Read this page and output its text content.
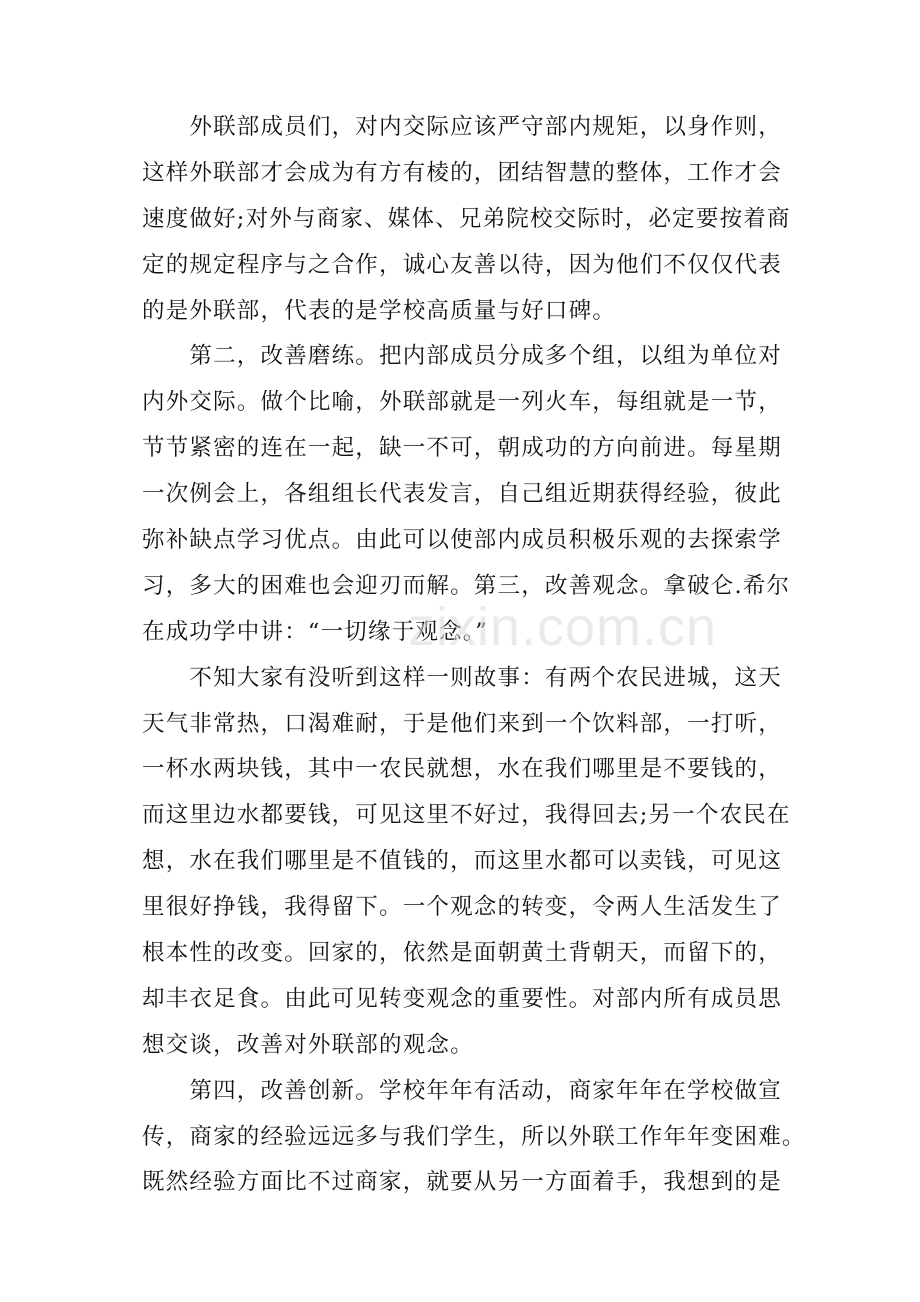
　　外联部成员们，对内交际应该严守部内规矩，以身作则，
这样外联部才会成为有方有棱的，团结智慧的整体，工作才会
速度做好;对外与商家、媒体、兄弟院校交际时，必定要按着商
定的规定程序与之合作，诚心友善以待，因为他们不仅仅代表
的是外联部，代表的是学校高质量与好口碑。
　　第二，改善磨练。把内部成员分成多个组，以组为单位对
内外交际。做个比喻，外联部就是一列火车，每组就是一节，
节节紧密的连在一起，缺一不可，朝成功的方向前进。每星期
一次例会上，各组组长代表发言，自己组近期获得经验，彼此
弥补缺点学习优点。由此可以使部内成员积极乐观的去探索学
习，多大的困难也会迎刃而解。第三，改善观念。拿破仑.希尔
在成功学中讲：“一切缘于观念。”
　　不知大家有没听到这样一则故事：有两个农民进城，这天
天气非常热，口渴难耐，于是他们来到一个饮料部，一打听，
一杯水两块钱，其中一农民就想，水在我们哪里是不要钱的，
而这里边水都要钱，可见这里不好过，我得回去;另一个农民在
想，水在我们哪里是不值钱的，而这里水都可以卖钱，可见这
里很好挣钱，我得留下。一个观念的转变，令两人生活发生了
根本性的改变。回家的，依然是面朝黄土背朝天，而留下的，
却丰衣足食。由此可见转变观念的重要性。对部内所有成员思
想交谈，改善对外联部的观念。
　　第四，改善创新。学校年年有活动，商家年年在学校做宣
传，商家的经验远远多与我们学生，所以外联工作年年变困难。
既然经验方面比不过商家，就要从另一方面着手，我想到的是
zixin.com.cn
